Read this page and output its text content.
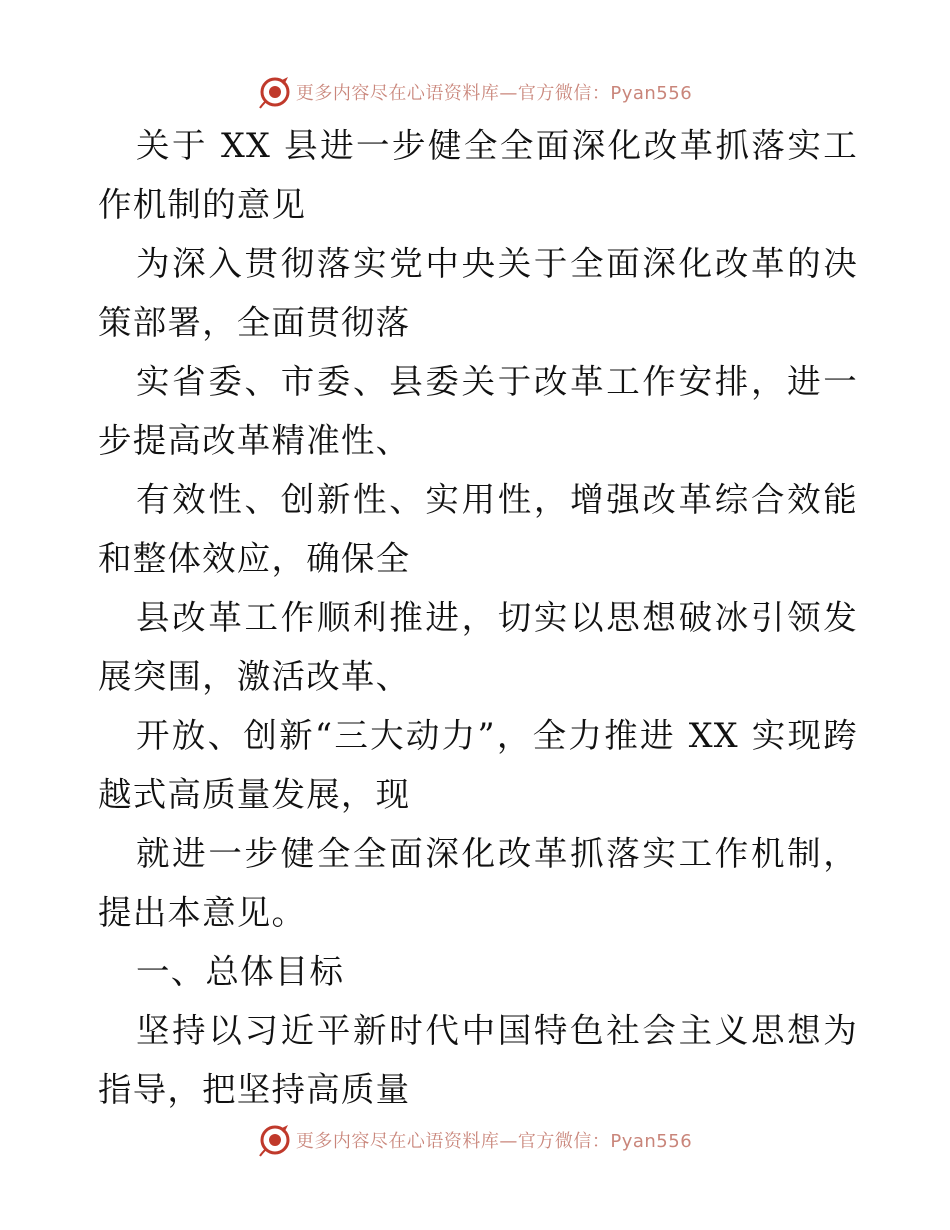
更多内容尽在心语资料库—官方微信：Pyan556

关于 XX 县进一步健全全面深化改革抓落实工作机制的意见

为深入贯彻落实党中央关于全面深化改革的决策部署，全面贯彻落

实省委、市委、县委关于改革工作安排，进一步提高改革精准性、

有效性、创新性、实用性，增强改革综合效能和整体效应，确保全

县改革工作顺利推进，切实以思想破冰引领发展突围，激活改革、

开放、创新“三大动力”，全力推进 XX 实现跨越式高质量发展，现

就进一步健全全面深化改革抓落实工作机制，提出本意见。

一、总体目标

坚持以习近平新时代中国特色社会主义思想为指导，把坚持高质量

更多内容尽在心语资料库—官方微信：Pyan556
